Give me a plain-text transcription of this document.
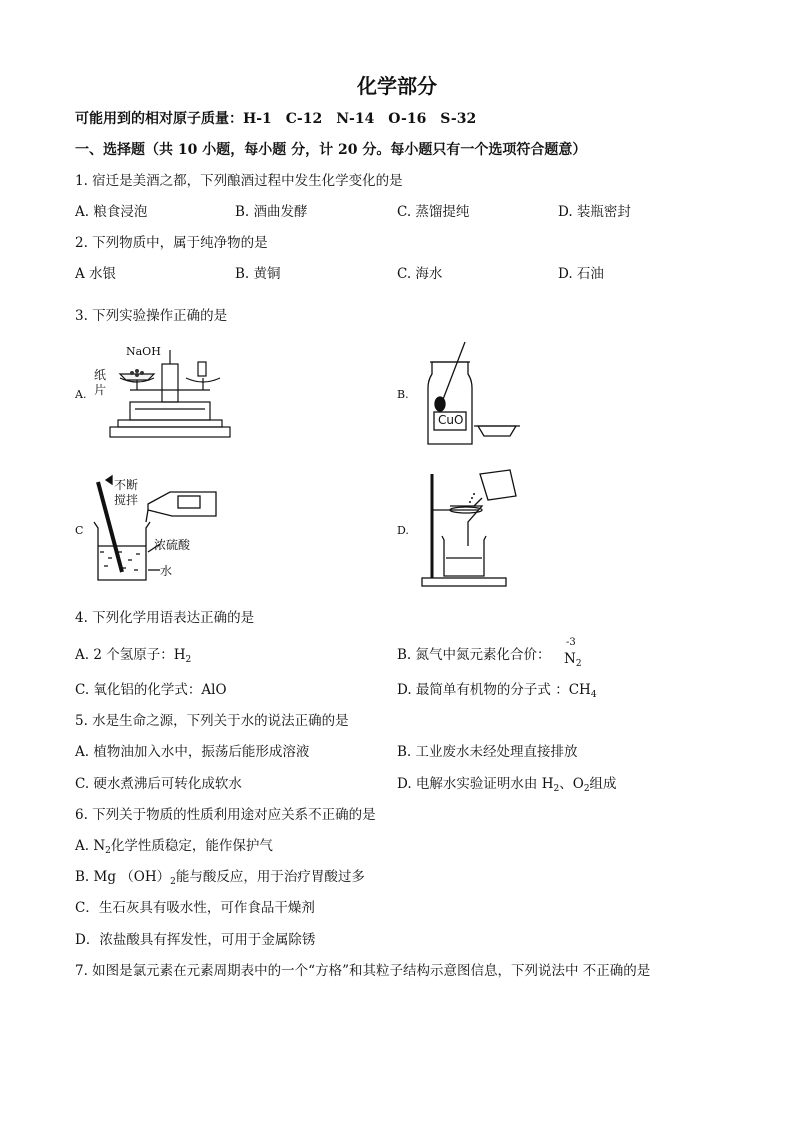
化学部分
可能用到的相对原子质量：H-1　C-12　N-14　O-16　S-32
一、选择题（共 10 小题，每小题 分，计 20 分。每小题只有一个选项符合题意）
1. 宿迁是美酒之都，下列酿酒过程中发生化学变化的是
A. 粮食浸泡	B. 酒曲发酵	C. 蒸馏提纯	D. 装瓶密封
2. 下列物质中，属于纯净物的是
A 水银	B. 黄铜	C. 海水	D. 石油
3. 下列实验操作正确的是
A.	B.
C	D.
NaOH
纸
片
CuO
不断
搅拌
浓硫酸
水
4. 下列化学用语表达正确的是
A. 2 个氢原子：$H_2$	B. 氮气中氮元素化合价：
-3
$N_2$
C. 氧化铝的化学式：AlO	D. 最简单有机物的分子式 ：$CH_4$
5. 水是生命之源，下列关于水的说法正确的是
A. 植物油加入水中，振荡后能形成溶液	B. 工业废水未经处理直接排放
C. 硬水煮沸后可转化成软水	D. 电解水实验证明水由 $H_2$、$O_2$组成
6. 下列关于物质的性质利用途对应关系不正确的是
A. $N_2$化学性质稳定，能作保护气
B. Mg $(OH)_2$能与酸反应，用于治疗胃酸过多
C．生石灰具有吸水性，可作食品干燥剂
D．浓盐酸具有挥发性，可用于金属除锈
7. 如图是氯元素在元素周期表中的一个“方格”和其粒子结构示意图信息，下列说法中 不正确的是
